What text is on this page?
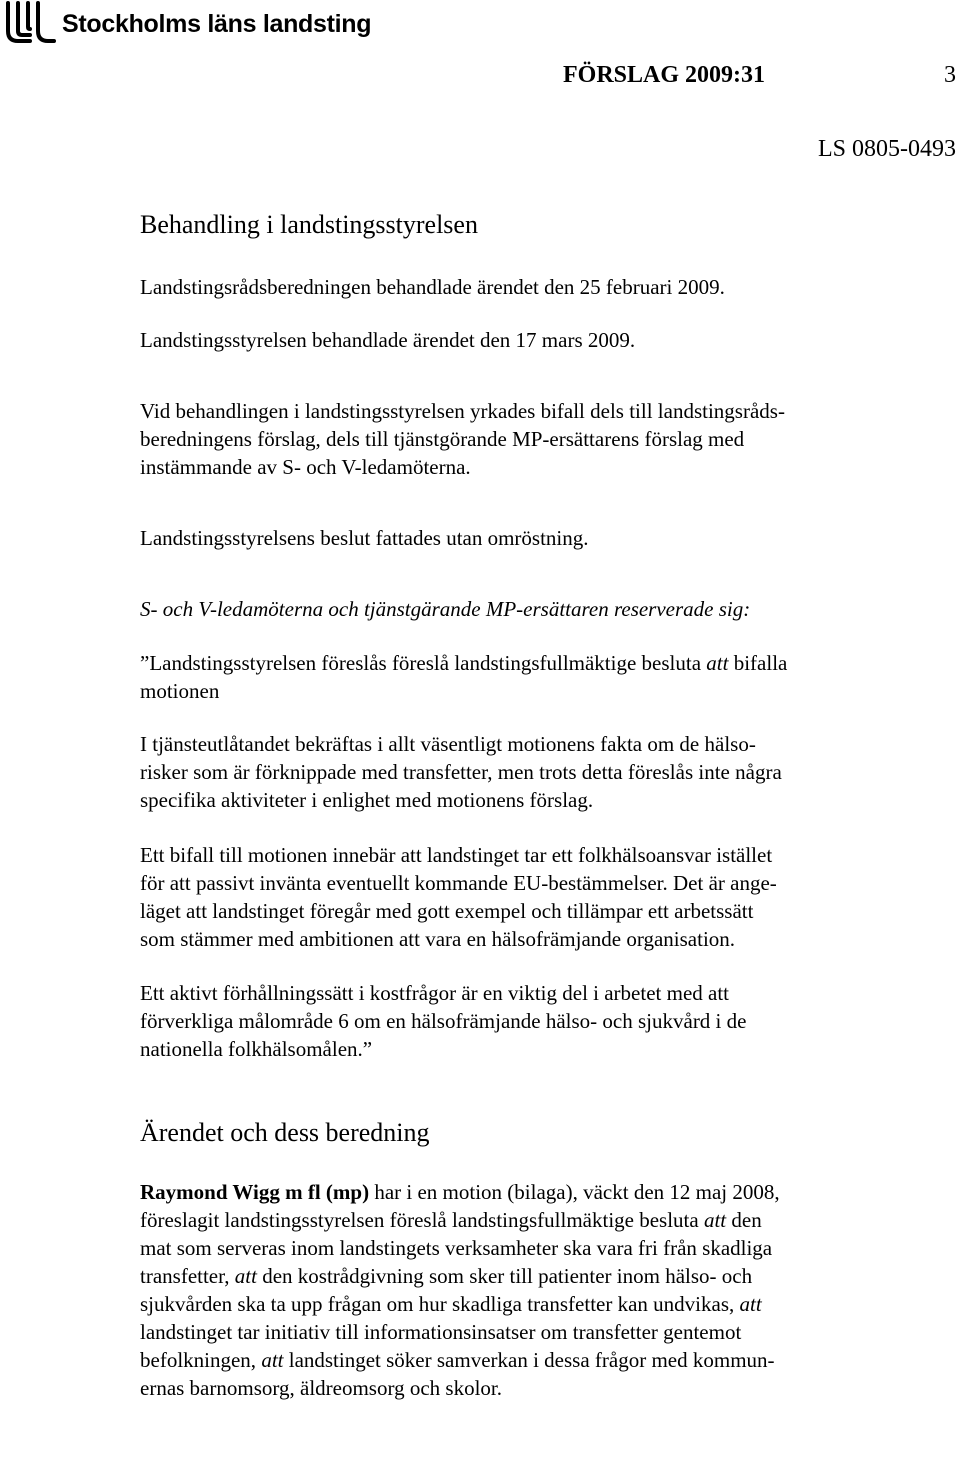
Stockholms läns landsting
FÖRSLAG 2009:31	3
LS 0805-0493
Behandling i landstingsstyrelsen

Landstingsrådsberedningen behandlade ärendet den 25 februari 2009.

Landstingsstyrelsen behandlade ärendet den 17 mars 2009.

Vid behandlingen i landstingsstyrelsen yrkades bifall dels till landstingsråds-
beredningens förslag, dels till tjänstgörande MP-ersättarens förslag med
instämmande av S- och V-ledamöterna.

Landstingsstyrelsens beslut fattades utan omröstning.

S- och V-ledamöterna och tjänstgärande MP-ersättaren reserverade sig:

”Landstingsstyrelsen föreslås föreslå landstingsfullmäktige besluta att bifalla
motionen

I tjänsteutlåtandet bekräftas i allt väsentligt motionens fakta om de hälso-
risker som är förknippade med transfetter, men trots detta föreslås inte några
specifika aktiviteter i enlighet med motionens förslag.

Ett bifall till motionen innebär att landstinget tar ett folkhälsoansvar istället
för att passivt invänta eventuellt kommande EU-bestämmelser. Det är ange-
läget att landstinget föregår med gott exempel och tillämpar ett arbetssätt
som stämmer med ambitionen att vara en hälsofrämjande organisation.

Ett aktivt förhållningssätt i kostfrågor är en viktig del i arbetet med att
förverkliga målområde 6 om en hälsofrämjande hälso- och sjukvård i de
nationella folkhälsomålen.”

Ärendet och dess beredning

Raymond Wigg m fl (mp) har i en motion (bilaga), väckt den 12 maj 2008,
föreslagit landstingsstyrelsen föreslå landstingsfullmäktige besluta att den
mat som serveras inom landstingets verksamheter ska vara fri från skadliga
transfetter, att den kostrådgivning som sker till patienter inom hälso- och
sjukvården ska ta upp frågan om hur skadliga transfetter kan undvikas, att
landstinget tar initiativ till informationsinsatser om transfetter gentemot
befolkningen, att landstinget söker samverkan i dessa frågor med kommun-
ernas barnomsorg, äldreomsorg och skolor.
